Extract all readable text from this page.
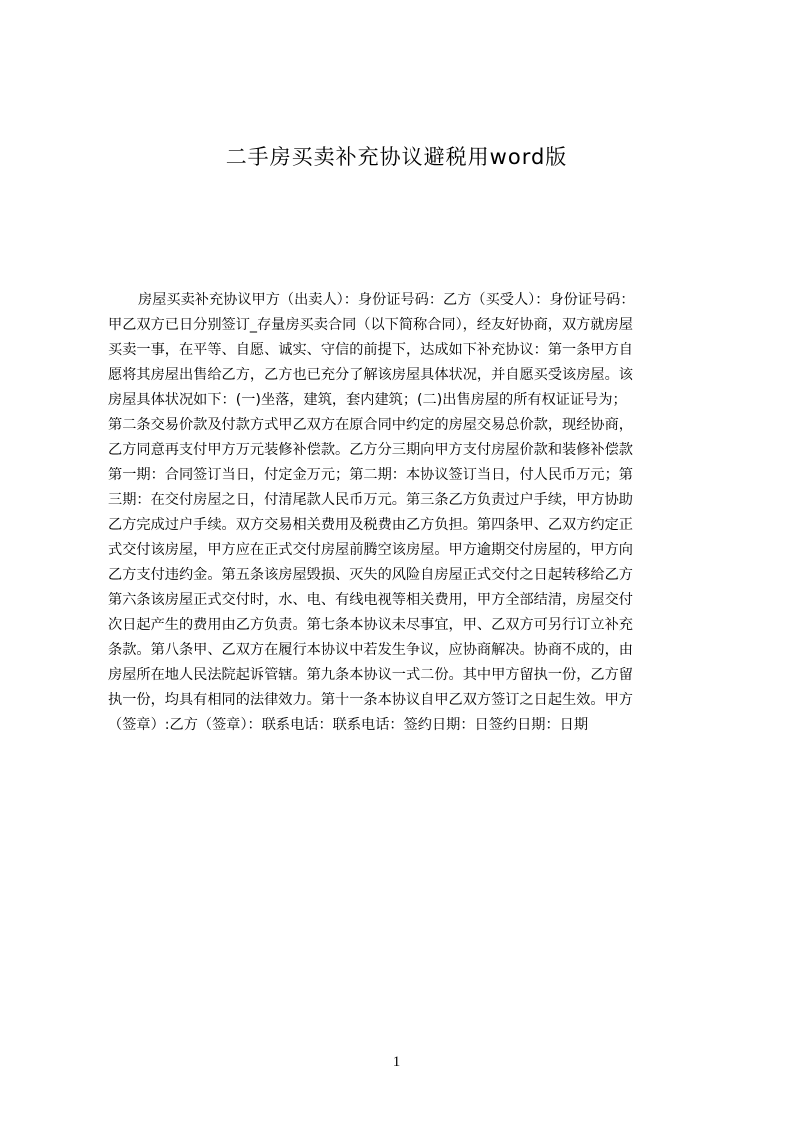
二手房买卖补充协议避税用word版
房屋买卖补充协议甲方（出卖人）：身份证号码：乙方（买受人）：身份证号码：
甲乙双方已日分别签订_存量房买卖合同（以下简称合同），经友好协商，双方就房屋
买卖一事，在平等、自愿、诚实、守信的前提下，达成如下补充协议：第一条甲方自
愿将其房屋出售给乙方，乙方也已充分了解该房屋具体状况，并自愿买受该房屋。该
房屋具体状况如下：(一)坐落，建筑，套内建筑；(二)出售房屋的所有权证证号为；
第二条交易价款及付款方式甲乙双方在原合同中约定的房屋交易总价款，现经协商，
乙方同意再支付甲方万元装修补偿款。乙方分三期向甲方支付房屋价款和装修补偿款
第一期：合同签订当日，付定金万元；第二期：本协议签订当日，付人民币万元；第
三期：在交付房屋之日，付清尾款人民币万元。第三条乙方负责过户手续，甲方协助
乙方完成过户手续。双方交易相关费用及税费由乙方负担。第四条甲、乙双方约定正
式交付该房屋，甲方应在正式交付房屋前腾空该房屋。甲方逾期交付房屋的，甲方向
乙方支付违约金。第五条该房屋毁损、灭失的风险自房屋正式交付之日起转移给乙方
第六条该房屋正式交付时，水、电、有线电视等相关费用，甲方全部结清，房屋交付
次日起产生的费用由乙方负责。第七条本协议未尽事宜，甲、乙双方可另行订立补充
条款。第八条甲、乙双方在履行本协议中若发生争议，应协商解决。协商不成的，由
房屋所在地人民法院起诉管辖。第九条本协议一式二份。其中甲方留执一份，乙方留
执一份，均具有相同的法律效力。第十一条本协议自甲乙双方签订之日起生效。甲方
（签章）:乙方（签章）：联系电话：联系电话：签约日期：日签约日期：日期
1
